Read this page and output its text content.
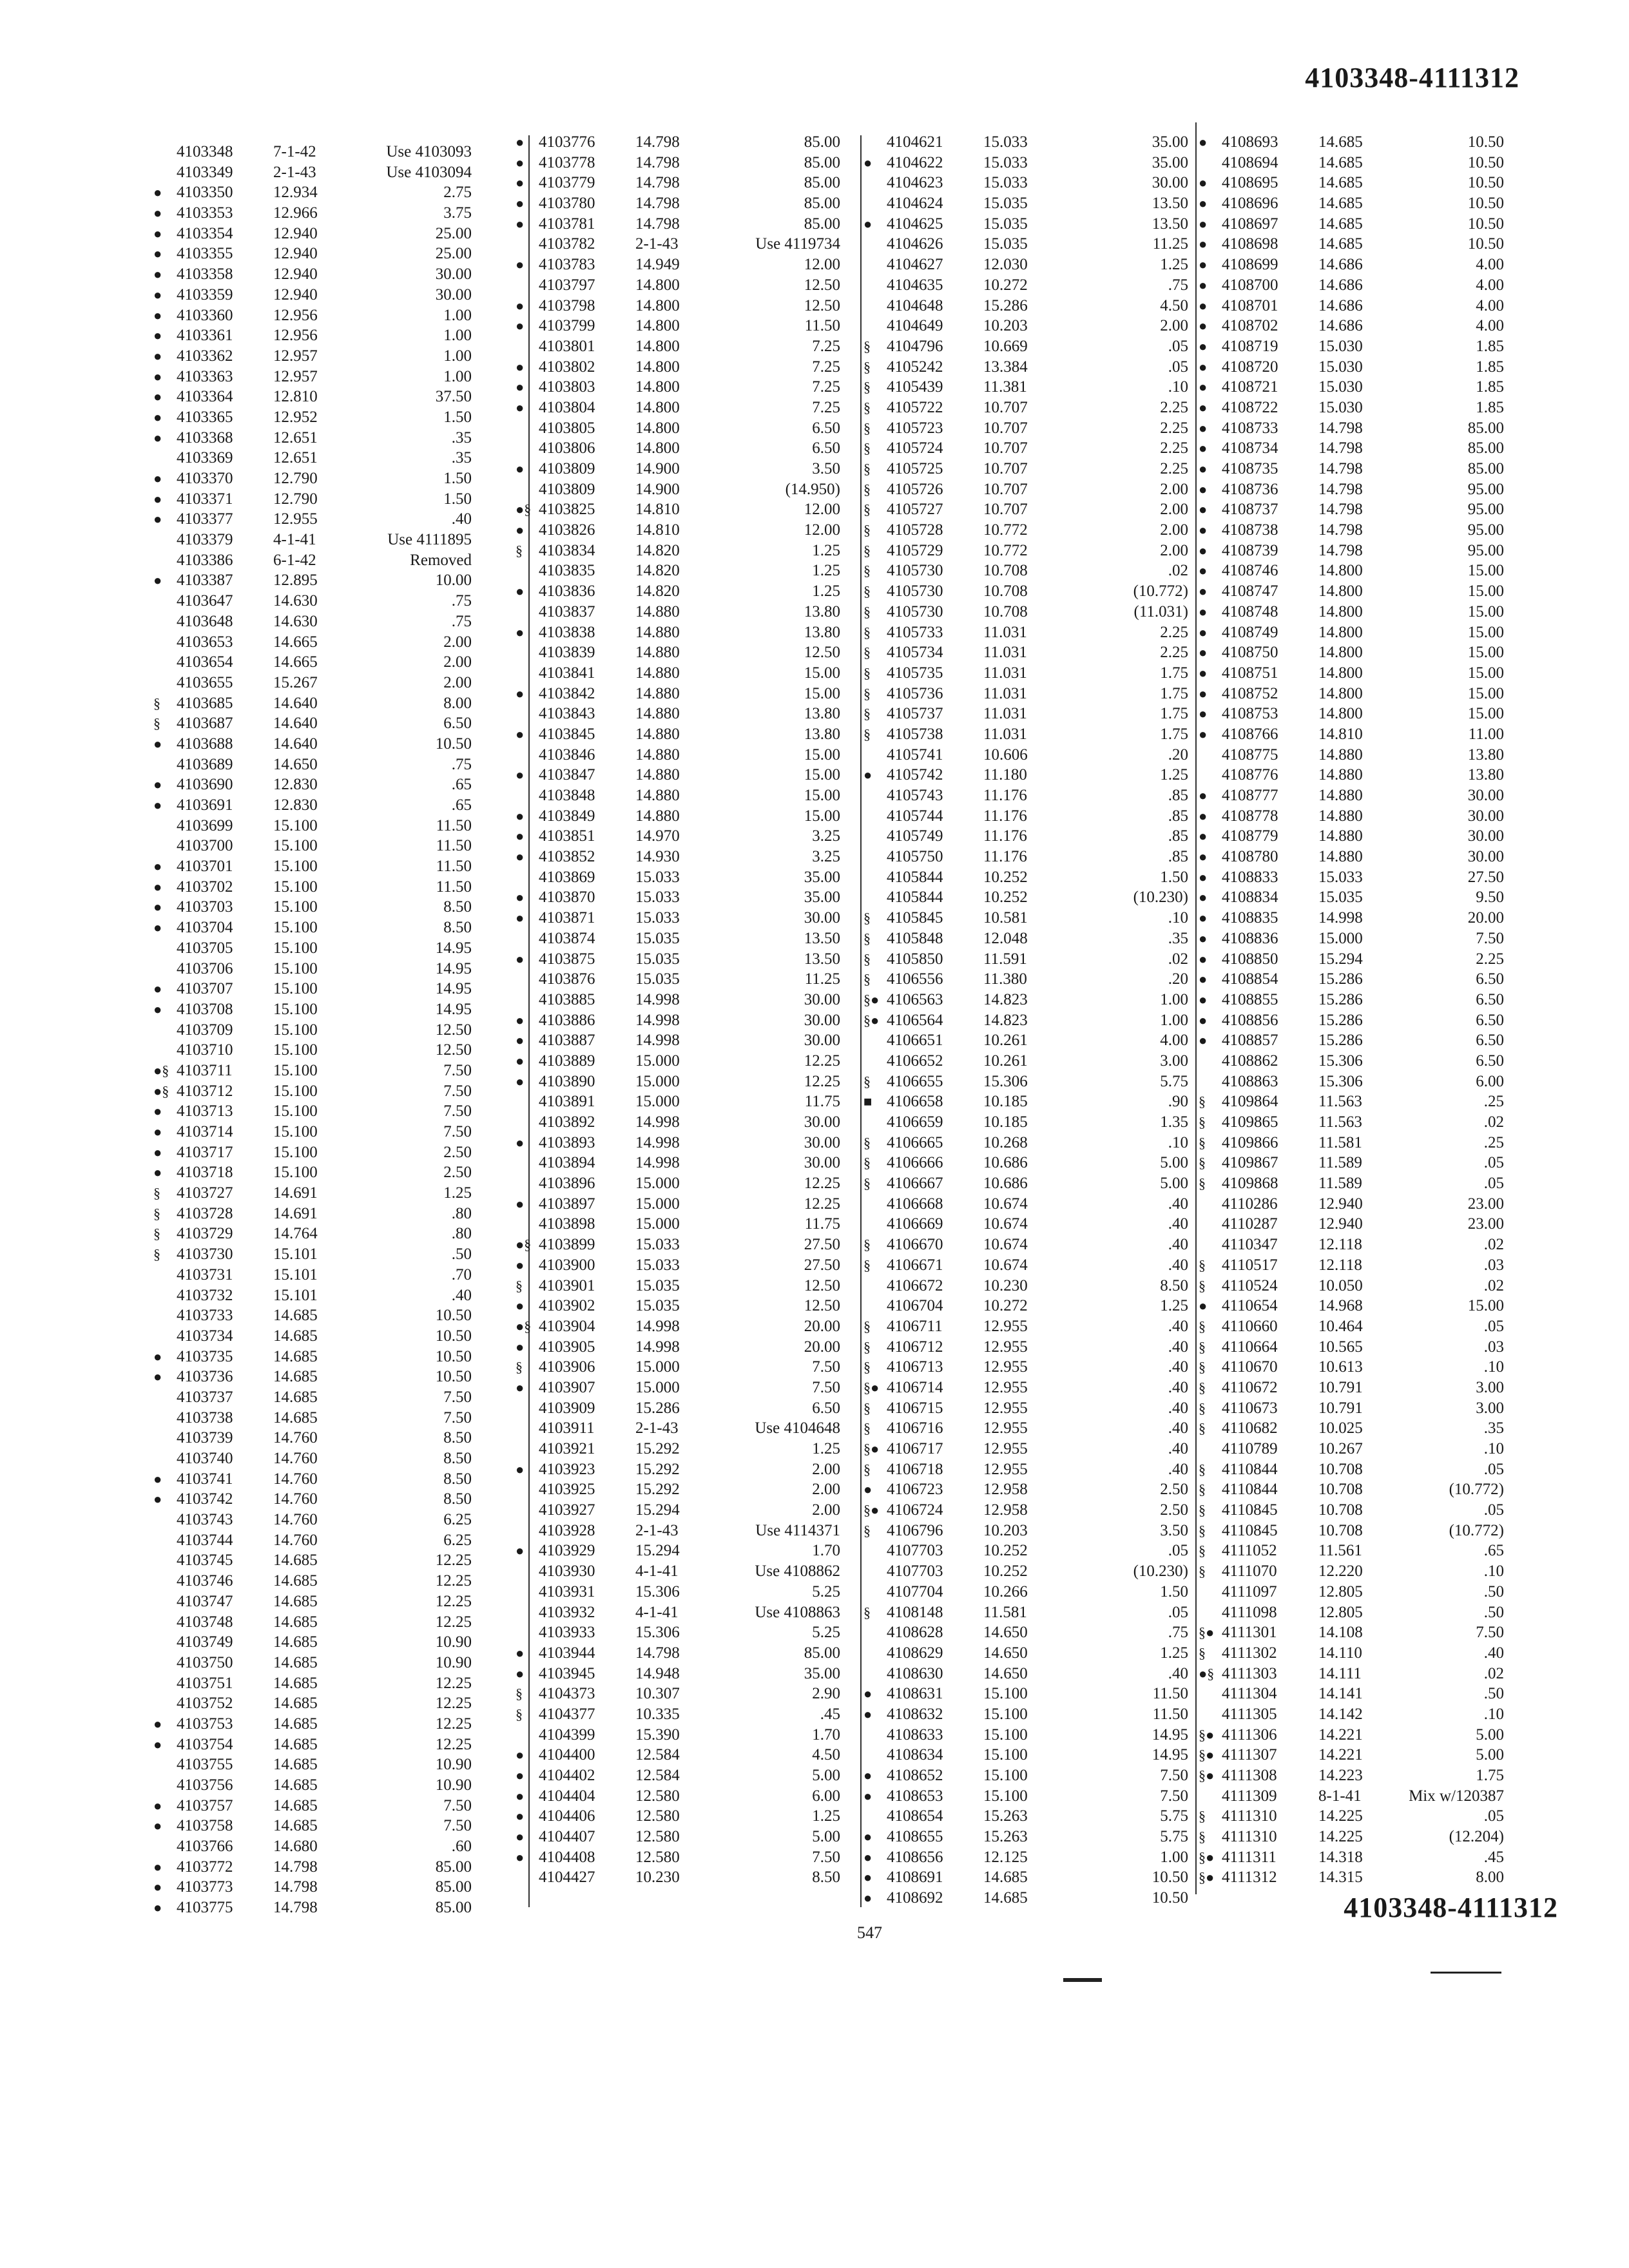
4103348-4111312
4103348	7-1-42	Use 4103093
4103349	2-1-43	Use 4103094
● 4103350	12.934	2.75
● 4103353	12.966	3.75
● 4103354	12.940	25.00
● 4103355	12.940	25.00
● 4103358	12.940	30.00
● 4103359	12.940	30.00
● 4103360	12.956	1.00
● 4103361	12.956	1.00
● 4103362	12.957	1.00
● 4103363	12.957	1.00
● 4103364	12.810	37.50
● 4103365	12.952	1.50
● 4103368	12.651	.35
4103369	12.651	.35
● 4103370	12.790	1.50
● 4103371	12.790	1.50
● 4103377	12.955	.40
4103379	4-1-41	Use 4111895
4103386	6-1-42	Removed
● 4103387	12.895	10.00
4103647	14.630	.75
4103648	14.630	.75
4103653	14.665	2.00
4103654	14.665	2.00
4103655	15.267	2.00
§ 4103685	14.640	8.00
§ 4103687	14.640	6.50
● 4103688	14.640	10.50
4103689	14.650	.75
● 4103690	12.830	.65
● 4103691	12.830	.65
4103699	15.100	11.50
4103700	15.100	11.50
● 4103701	15.100	11.50
● 4103702	15.100	11.50
● 4103703	15.100	8.50
● 4103704	15.100	8.50
4103705	15.100	14.95
4103706	15.100	14.95
● 4103707	15.100	14.95
● 4103708	15.100	14.95
4103709	15.100	12.50
4103710	15.100	12.50
●§ 4103711	15.100	7.50
●§ 4103712	15.100	7.50
● 4103713	15.100	7.50
● 4103714	15.100	7.50
● 4103717	15.100	2.50
● 4103718	15.100	2.50
§ 4103727	14.691	1.25
§ 4103728	14.691	.80
§ 4103729	14.764	.80
§ 4103730	15.101	.50
4103731	15.101	.70
4103732	15.101	.40
4103733	14.685	10.50
4103734	14.685	10.50
● 4103735	14.685	10.50
● 4103736	14.685	10.50
4103737	14.685	7.50
4103738	14.685	7.50
4103739	14.760	8.50
4103740	14.760	8.50
● 4103741	14.760	8.50
● 4103742	14.760	8.50
4103743	14.760	6.25
4103744	14.760	6.25
4103745	14.685	12.25
4103746	14.685	12.25
4103747	14.685	12.25
4103748	14.685	12.25
4103749	14.685	10.90
4103750	14.685	10.90
4103751	14.685	12.25
4103752	14.685	12.25
● 4103753	14.685	12.25
● 4103754	14.685	12.25
4103755	14.685	10.90
4103756	14.685	10.90
● 4103757	14.685	7.50
● 4103758	14.685	7.50
4103766	14.680	.60
● 4103772	14.798	85.00
● 4103773	14.798	85.00
● 4103775	14.798	85.00
● 4103776	14.798	85.00
● 4103778	14.798	85.00
● 4103779	14.798	85.00
● 4103780	14.798	85.00
● 4103781	14.798	85.00
4103782	2-1-43	Use 4119734
● 4103783	14.949	12.00
4103797	14.800	12.50
● 4103798	14.800	12.50
● 4103799	14.800	11.50
4103801	14.800	7.25
● 4103802	14.800	7.25
● 4103803	14.800	7.25
● 4103804	14.800	7.25
4103805	14.800	6.50
4103806	14.800	6.50
● 4103809	14.900	3.50
4103809	14.900	(14.950)
●§ 4103825	14.810	12.00
● 4103826	14.810	12.00
§ 4103834	14.820	1.25
4103835	14.820	1.25
● 4103836	14.820	1.25
4103837	14.880	13.80
● 4103838	14.880	13.80
4103839	14.880	12.50
4103841	14.880	15.00
● 4103842	14.880	15.00
4103843	14.880	13.80
● 4103845	14.880	13.80
4103846	14.880	15.00
● 4103847	14.880	15.00
4103848	14.880	15.00
● 4103849	14.880	15.00
● 4103851	14.970	3.25
● 4103852	14.930	3.25
4103869	15.033	35.00
● 4103870	15.033	35.00
● 4103871	15.033	30.00
4103874	15.035	13.50
● 4103875	15.035	13.50
4103876	15.035	11.25
4103885	14.998	30.00
● 4103886	14.998	30.00
● 4103887	14.998	30.00
● 4103889	15.000	12.25
● 4103890	15.000	12.25
4103891	15.000	11.75
4103892	14.998	30.00
● 4103893	14.998	30.00
4103894	14.998	30.00
4103896	15.000	12.25
● 4103897	15.000	12.25
4103898	15.000	11.75
●§ 4103899	15.033	27.50
● 4103900	15.033	27.50
§ 4103901	15.035	12.50
● 4103902	15.035	12.50
●§ 4103904	14.998	20.00
● 4103905	14.998	20.00
§ 4103906	15.000	7.50
● 4103907	15.000	7.50
4103909	15.286	6.50
4103911	2-1-43	Use 4104648
4103921	15.292	1.25
● 4103923	15.292	2.00
4103925	15.292	2.00
4103927	15.294	2.00
4103928	2-1-43	Use 4114371
● 4103929	15.294	1.70
4103930	4-1-41	Use 4108862
4103931	15.306	5.25
4103932	4-1-41	Use 4108863
4103933	15.306	5.25
● 4103944	14.798	85.00
● 4103945	14.948	35.00
§ 4104373	10.307	2.90
§ 4104377	10.335	.45
4104399	15.390	1.70
● 4104400	12.584	4.50
● 4104402	12.584	5.00
● 4104404	12.580	6.00
● 4104406	12.580	1.25
● 4104407	12.580	5.00
● 4104408	12.580	7.50
4104427	10.230	8.50
4104621	15.033	35.00
● 4104622	15.033	35.00
4104623	15.033	30.00
4104624	15.035	13.50
● 4104625	15.035	13.50
4104626	15.035	11.25
4104627	12.030	1.25
4104635	10.272	.75
4104648	15.286	4.50
4104649	10.203	2.00
§ 4104796	10.669	.05
§ 4105242	13.384	.05
§ 4105439	11.381	.10
§ 4105722	10.707	2.25
§ 4105723	10.707	2.25
§ 4105724	10.707	2.25
§ 4105725	10.707	2.25
§ 4105726	10.707	2.00
§ 4105727	10.707	2.00
§ 4105728	10.772	2.00
§ 4105729	10.772	2.00
§ 4105730	10.708	.02
§ 4105730	10.708	(10.772)
§ 4105730	10.708	(11.031)
§ 4105733	11.031	2.25
§ 4105734	11.031	2.25
§ 4105735	11.031	1.75
§ 4105736	11.031	1.75
§ 4105737	11.031	1.75
§ 4105738	11.031	1.75
4105741	10.606	.20
● 4105742	11.180	1.25
4105743	11.176	.85
4105744	11.176	.85
4105749	11.176	.85
4105750	11.176	.85
4105844	10.252	1.50
4105844	10.252	(10.230)
§ 4105845	10.581	.10
§ 4105848	12.048	.35
§ 4105850	11.591	.02
§ 4106556	11.380	.20
§● 4106563	14.823	1.00
§● 4106564	14.823	1.00
4106651	10.261	4.00
4106652	10.261	3.00
§ 4106655	15.306	5.75
■ 4106658	10.185	.90
4106659	10.185	1.35
§ 4106665	10.268	.10
§ 4106666	10.686	5.00
§ 4106667	10.686	5.00
4106668	10.674	.40
4106669	10.674	.40
§ 4106670	10.674	.40
§ 4106671	10.674	.40
4106672	10.230	8.50
4106704	10.272	1.25
§ 4106711	12.955	.40
§ 4106712	12.955	.40
§ 4106713	12.955	.40
§● 4106714	12.955	.40
§ 4106715	12.955	.40
§ 4106716	12.955	.40
§● 4106717	12.955	.40
§ 4106718	12.955	.40
● 4106723	12.958	2.50
§● 4106724	12.958	2.50
§ 4106796	10.203	3.50
4107703	10.252	.05
4107703	10.252	(10.230)
4107704	10.266	1.50
§ 4108148	11.581	.05
4108628	14.650	.75
4108629	14.650	1.25
4108630	14.650	.40
● 4108631	15.100	11.50
● 4108632	15.100	11.50
4108633	15.100	14.95
4108634	15.100	14.95
● 4108652	15.100	7.50
● 4108653	15.100	7.50
4108654	15.263	5.75
● 4108655	15.263	5.75
● 4108656	12.125	1.00
● 4108691	14.685	10.50
● 4108692	14.685	10.50
● 4108693	14.685	10.50
4108694	14.685	10.50
● 4108695	14.685	10.50
● 4108696	14.685	10.50
● 4108697	14.685	10.50
● 4108698	14.685	10.50
● 4108699	14.686	4.00
● 4108700	14.686	4.00
● 4108701	14.686	4.00
● 4108702	14.686	4.00
● 4108719	15.030	1.85
● 4108720	15.030	1.85
● 4108721	15.030	1.85
● 4108722	15.030	1.85
● 4108733	14.798	85.00
● 4108734	14.798	85.00
● 4108735	14.798	85.00
● 4108736	14.798	95.00
● 4108737	14.798	95.00
● 4108738	14.798	95.00
● 4108739	14.798	95.00
● 4108746	14.800	15.00
● 4108747	14.800	15.00
● 4108748	14.800	15.00
● 4108749	14.800	15.00
● 4108750	14.800	15.00
● 4108751	14.800	15.00
● 4108752	14.800	15.00
● 4108753	14.800	15.00
● 4108766	14.810	11.00
4108775	14.880	13.80
4108776	14.880	13.80
● 4108777	14.880	30.00
● 4108778	14.880	30.00
● 4108779	14.880	30.00
● 4108780	14.880	30.00
● 4108833	15.033	27.50
● 4108834	15.035	9.50
● 4108835	14.998	20.00
● 4108836	15.000	7.50
● 4108850	15.294	2.25
● 4108854	15.286	6.50
● 4108855	15.286	6.50
● 4108856	15.286	6.50
● 4108857	15.286	6.50
4108862	15.306	6.50
4108863	15.306	6.00
§ 4109864	11.563	.25
§ 4109865	11.563	.02
§ 4109866	11.581	.25
§ 4109867	11.589	.05
§ 4109868	11.589	.05
4110286	12.940	23.00
4110287	12.940	23.00
4110347	12.118	.02
§ 4110517	12.118	.03
§ 4110524	10.050	.02
● 4110654	14.968	15.00
§ 4110660	10.464	.05
§ 4110664	10.565	.03
§ 4110670	10.613	.10
§ 4110672	10.791	3.00
§ 4110673	10.791	3.00
§ 4110682	10.025	.35
4110789	10.267	.10
§ 4110844	10.708	.05
§ 4110844	10.708	(10.772)
§ 4110845	10.708	.05
§ 4110845	10.708	(10.772)
§ 4111052	11.561	.65
§ 4111070	12.220	.10
4111097	12.805	.50
4111098	12.805	.50
§● 4111301	14.108	7.50
§ 4111302	14.110	.40
●§ 4111303	14.111	.02
4111304	14.141	.50
4111305	14.142	.10
§● 4111306	14.221	5.00
§● 4111307	14.221	5.00
§● 4111308	14.223	1.75
4111309	8-1-41	Mix w/120387
§ 4111310	14.225	.05
§ 4111310	14.225	(12.204)
§● 4111311	14.318	.45
§● 4111312	14.315	8.00
4103348-4111312
547
